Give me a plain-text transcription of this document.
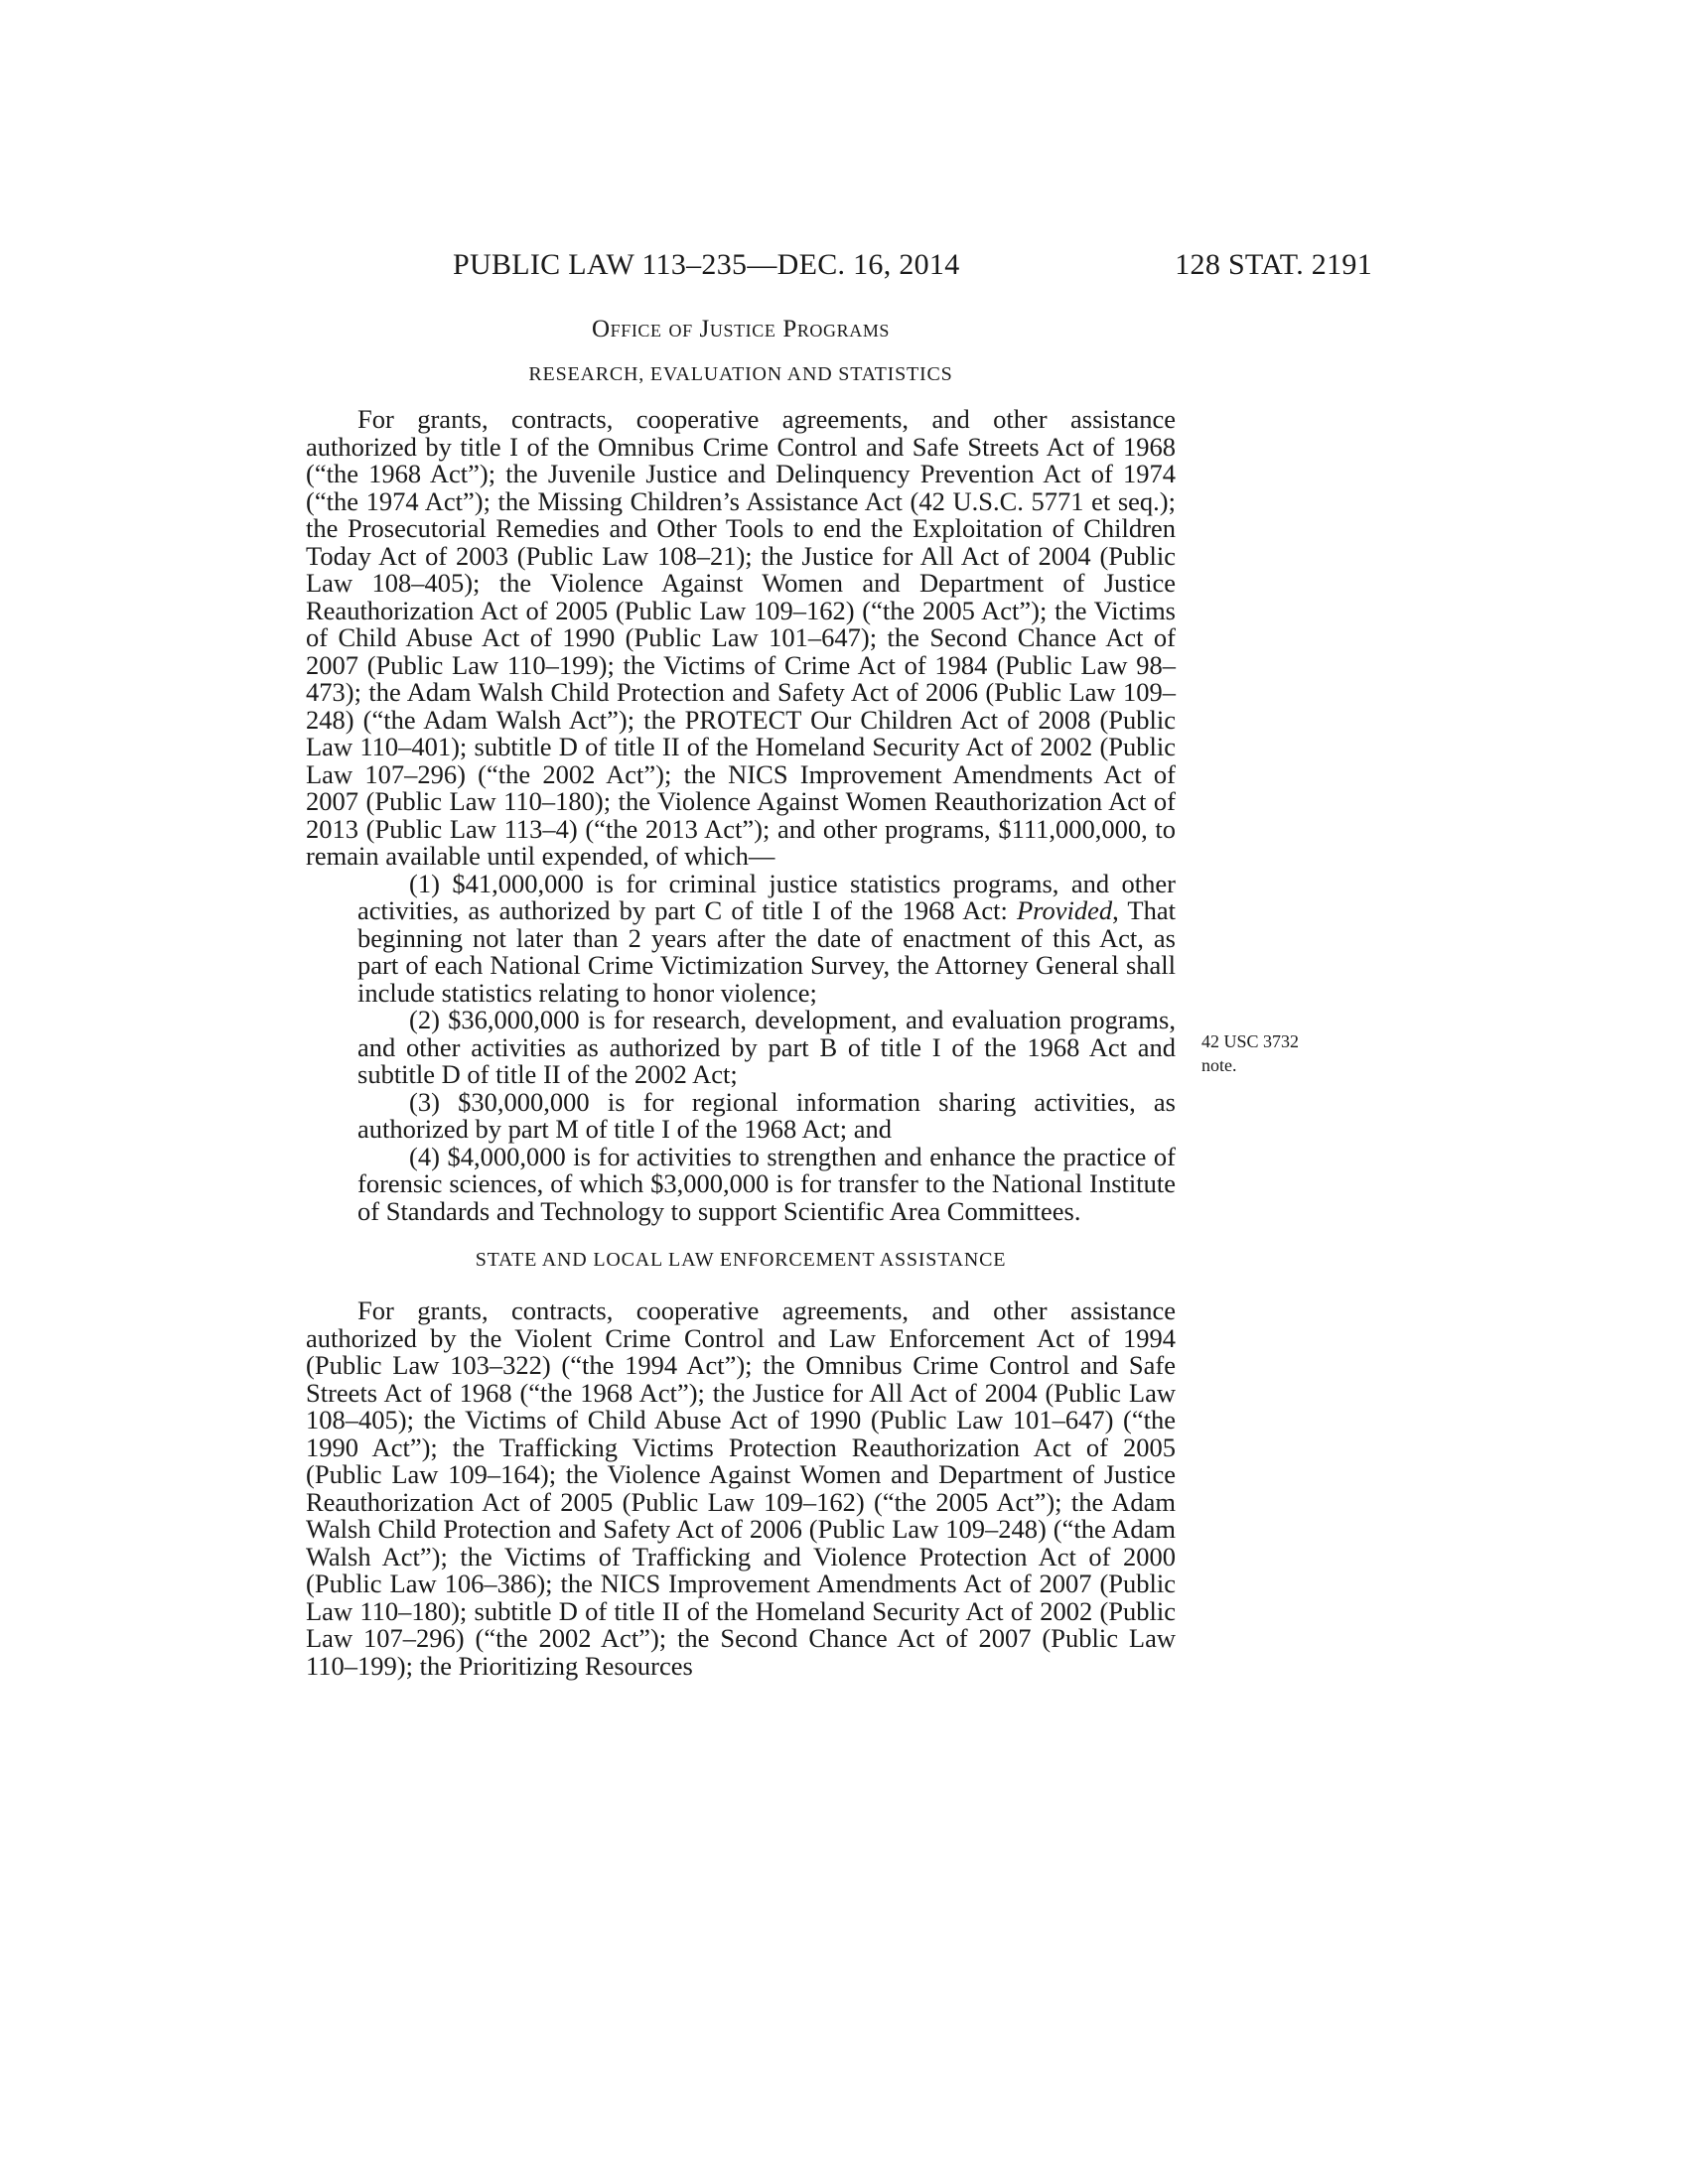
PUBLIC LAW 113–235—DEC. 16, 2014	128 STAT. 2191
Office of Justice Programs
RESEARCH, EVALUATION AND STATISTICS

For grants, contracts, cooperative agreements, and other assistance authorized by title I of the Omnibus Crime Control and Safe Streets Act of 1968 (“the 1968 Act”); the Juvenile Justice and Delinquency Prevention Act of 1974 (“the 1974 Act”); the Missing Children’s Assistance Act (42 U.S.C. 5771 et seq.); the Prosecutorial Remedies and Other Tools to end the Exploitation of Children Today Act of 2003 (Public Law 108–21); the Justice for All Act of 2004 (Public Law 108–405); the Violence Against Women and Department of Justice Reauthorization Act of 2005 (Public Law 109–162) (“the 2005 Act”); the Victims of Child Abuse Act of 1990 (Public Law 101–647); the Second Chance Act of 2007 (Public Law 110–199); the Victims of Crime Act of 1984 (Public Law 98–473); the Adam Walsh Child Protection and Safety Act of 2006 (Public Law 109–248) (“the Adam Walsh Act”); the PROTECT Our Children Act of 2008 (Public Law 110–401); subtitle D of title II of the Homeland Security Act of 2002 (Public Law 107–296) (“the 2002 Act”); the NICS Improvement Amendments Act of 2007 (Public Law 110–180); the Violence Against Women Reauthorization Act of 2013 (Public Law 113–4) (“the 2013 Act”); and other programs, $111,000,000, to remain available until expended, of which—

(1) $41,000,000 is for criminal justice statistics programs, and other activities, as authorized by part C of title I of the 1968 Act: Provided, That beginning not later than 2 years after the date of enactment of this Act, as part of each National Crime Victimization Survey, the Attorney General shall include statistics relating to honor violence;

(2) $36,000,000 is for research, development, and evaluation programs, and other activities as authorized by part B of title I of the 1968 Act and subtitle D of title II of the 2002 Act;

(3) $30,000,000 is for regional information sharing activities, as authorized by part M of title I of the 1968 Act; and

(4) $4,000,000 is for activities to strengthen and enhance the practice of forensic sciences, of which $3,000,000 is for transfer to the National Institute of Standards and Technology to support Scientific Area Committees.

STATE AND LOCAL LAW ENFORCEMENT ASSISTANCE

For grants, contracts, cooperative agreements, and other assistance authorized by the Violent Crime Control and Law Enforcement Act of 1994 (Public Law 103–322) (“the 1994 Act”); the Omnibus Crime Control and Safe Streets Act of 1968 (“the 1968 Act”); the Justice for All Act of 2004 (Public Law 108–405); the Victims of Child Abuse Act of 1990 (Public Law 101–647) (“the 1990 Act”); the Trafficking Victims Protection Reauthorization Act of 2005 (Public Law 109–164); the Violence Against Women and Department of Justice Reauthorization Act of 2005 (Public Law 109–162) (“the 2005 Act”); the Adam Walsh Child Protection and Safety Act of 2006 (Public Law 109–248) (“the Adam Walsh Act”); the Victims of Trafficking and Violence Protection Act of 2000 (Public Law 106–386); the NICS Improvement Amendments Act of 2007 (Public Law 110–180); subtitle D of title II of the Homeland Security Act of 2002 (Public Law 107–296) (“the 2002 Act”); the Second Chance Act of 2007 (Public Law 110–199); the Prioritizing Resources

42 USC 3732
note.
